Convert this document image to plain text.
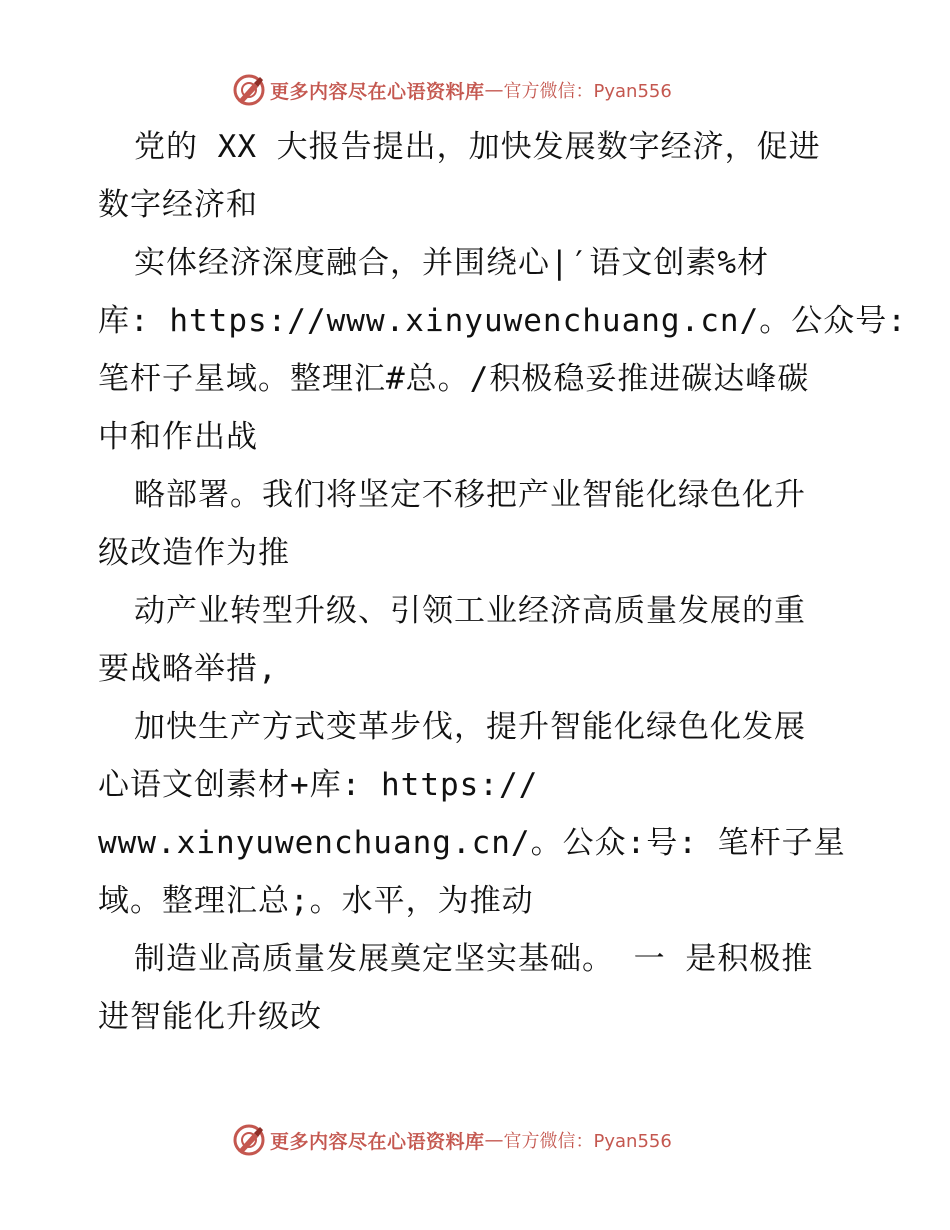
更多内容尽在心语资料库 — 官方微信：Pyan556
党的 XX 大报告提出，加快发展数字经济，促进
数字经济和
实体经济深度融合，并围绕心|′语文创素%材
库: https://www.xinyuwenchuang.cn/。公众号:
笔杆子星域。整理汇#总。/积极稳妥推进碳达峰碳
中和作出战
略部署。我们将坚定不移把产业智能化绿色化升
级改造作为推
动产业转型升级、引领工业经济高质量发展的重
要战略举措,
加快生产方式变革步伐，提升智能化绿色化发展
心语文创素材+库: https://
www.xinyuwenchuang.cn/。公众:号: 笔杆子星
域。整理汇总;。水平，为推动
制造业高质量发展奠定坚实基础。 一 是积极推
进智能化升级改
更多内容尽在心语资料库 — 官方微信：Pyan556
